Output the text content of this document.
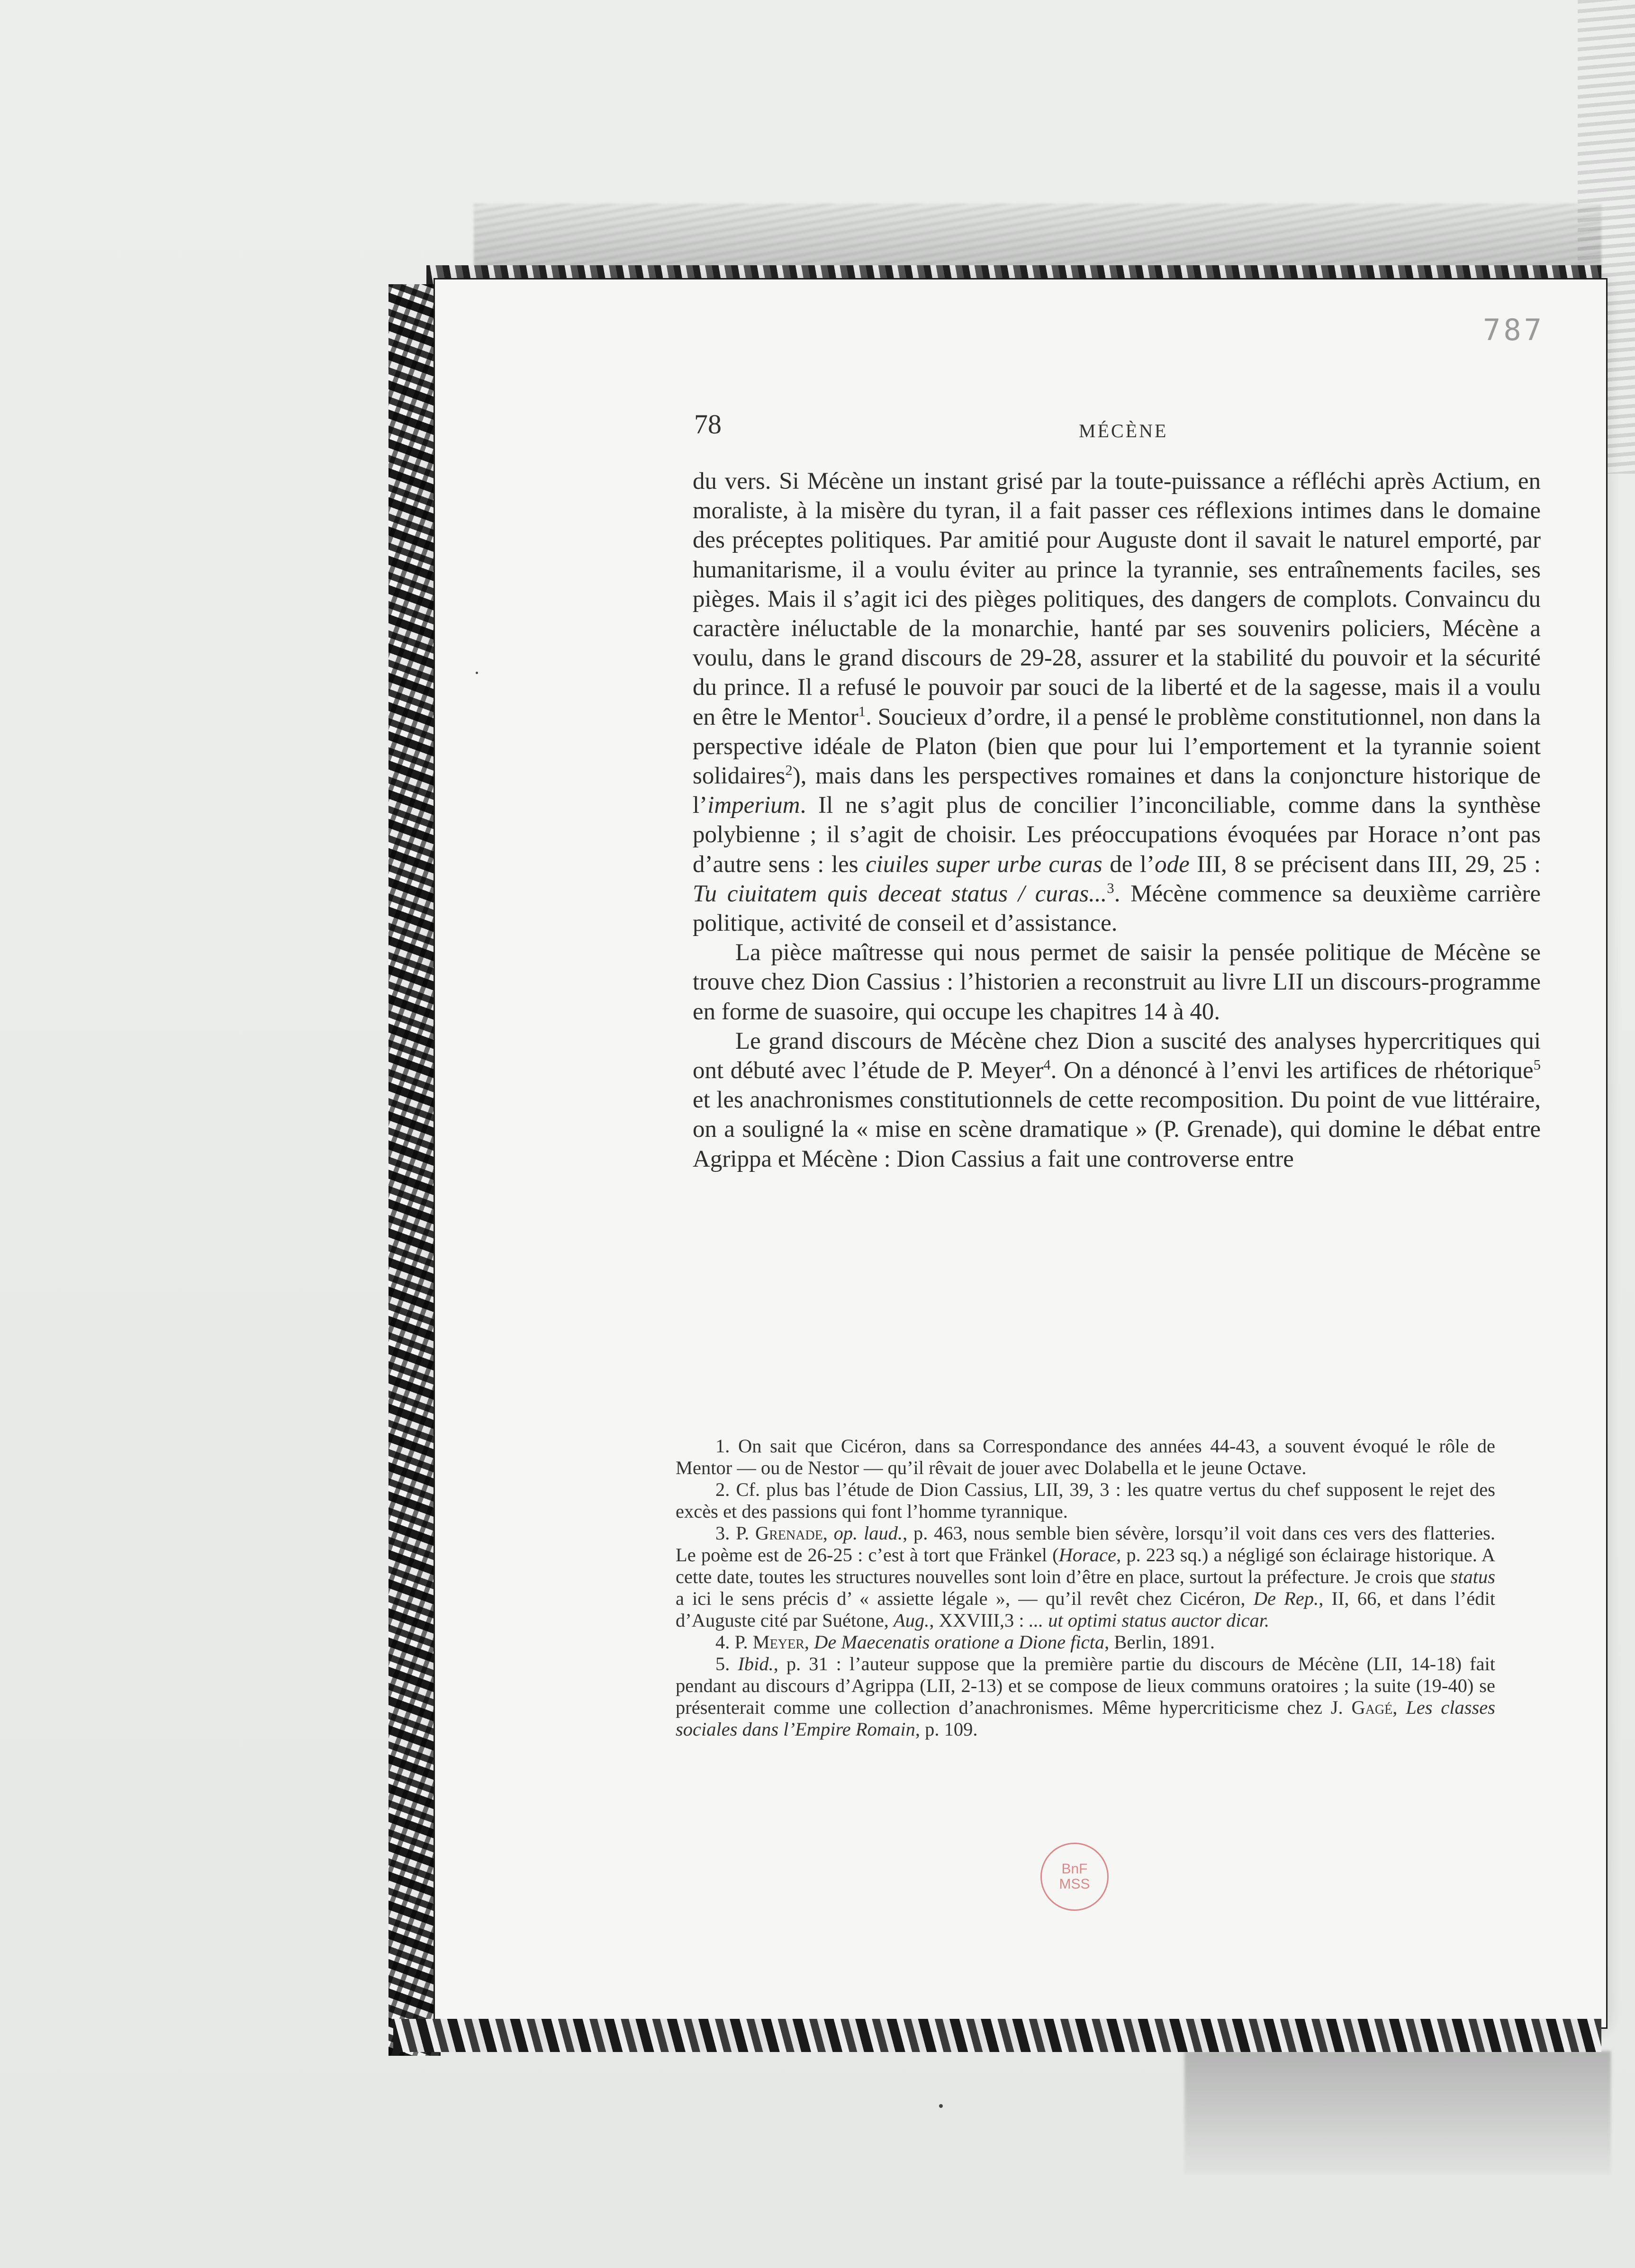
787
78	MÉCÈNE

du vers. Si Mécène un instant grisé par la toute-puissance a réfléchi après Actium, en moraliste, à la misère du tyran, il a fait passer ces réflexions intimes dans le domaine des préceptes politiques. Par amitié pour Auguste dont il savait le naturel emporté, par humanitarisme, il a voulu éviter au prince la tyrannie, ses entraînements faciles, ses pièges. Mais il s’agit ici des pièges politiques, des dangers de complots. Convaincu du caractère inéluctable de la monarchie, hanté par ses souvenirs policiers, Mécène a voulu, dans le grand discours de 29-28, assurer et la stabilité du pouvoir et la sécurité du prince. Il a refusé le pouvoir par souci de la liberté et de la sagesse, mais il a voulu en être le Mentor$^1$. Soucieux d’ordre, il a pensé le problème constitutionnel, non dans la perspective idéale de Platon (bien que pour lui l’emportement et la tyrannie soient solidaires$^2$), mais dans les perspectives romaines et dans la conjoncture historique de l’imperium. Il ne s’agit plus de concilier l’inconciliable, comme dans la synthèse polybienne ; il s’agit de choisir. Les préoccupations évoquées par Horace n’ont pas d’autre sens : les ciuiles super urbe curas de l’ode III, 8 se précisent dans III, 29, 25 : Tu ciuitatem quis deceat status / curas...$^3$. Mécène commence sa deuxième carrière politique, activité de conseil et d’assistance.

La pièce maîtresse qui nous permet de saisir la pensée politique de Mécène se trouve chez Dion Cassius : l’historien a reconstruit au livre LII un discours-programme en forme de suasoire, qui occupe les chapitres 14 à 40.

Le grand discours de Mécène chez Dion a suscité des analyses hypercritiques qui ont débuté avec l’étude de P. Meyer$^4$. On a dénoncé à l’envi les artifices de rhétorique$^5$ et les anachronismes constitutionnels de cette recomposition. Du point de vue littéraire, on a souligné la « mise en scène dramatique » (P. Grenade), qui domine le débat entre Agrippa et Mécène : Dion Cassius a fait une controverse entre

1. On sait que Cicéron, dans sa Correspondance des années 44-43, a souvent évoqué le rôle de Mentor — ou de Nestor — qu’il rêvait de jouer avec Dolabella et le jeune Octave.

2. Cf. plus bas l’étude de Dion Cassius, LII, 39, 3 : les quatre vertus du chef supposent le rejet des excès et des passions qui font l’homme tyrannique.

3. P. Grenade, op. laud., p. 463, nous semble bien sévère, lorsqu’il voit dans ces vers des flatteries. Le poème est de 26-25 : c’est à tort que Fränkel (Horace, p. 223 sq.) a négligé son éclairage historique. A cette date, toutes les structures nouvelles sont loin d’être en place, surtout la préfecture. Je crois que status a ici le sens précis d’ « assiette légale », — qu’il revêt chez Cicéron, De Rep., II, 66, et dans l’édit d’Auguste cité par Suétone, Aug., XXVIII,3 : ... ut optimi status auctor dicar.

4. P. Meyer, De Maecenatis oratione a Dione ficta, Berlin, 1891.

5. Ibid., p. 31 : l’auteur suppose que la première partie du discours de Mécène (LII, 14-18) fait pendant au discours d’Agrippa (LII, 2-13) et se compose de lieux communs oratoires ; la suite (19-40) se présenterait comme une collection d’anachronismes. Même hypercriticisme chez J. Gagé, Les classes sociales dans l’Empire Romain, p. 109.

BnF
MSS
